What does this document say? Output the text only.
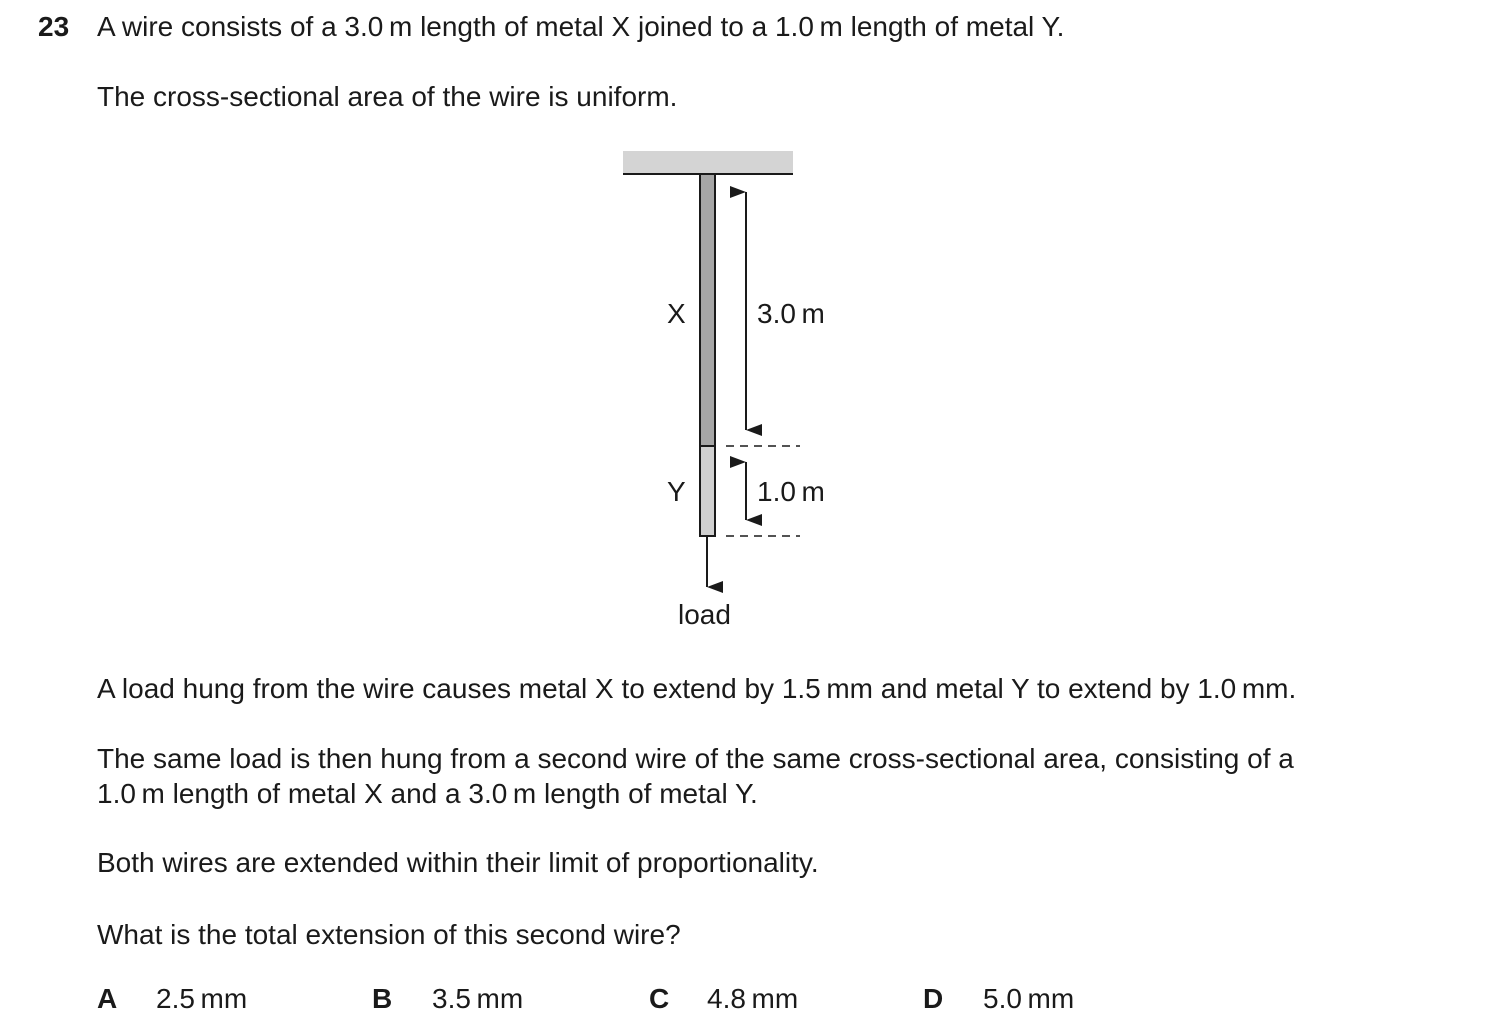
23 A wire consists of a 3.0 m length of metal X joined to a 1.0 m length of metal Y.
The cross-sectional area of the wire is uniform.
X
Y
3.0 m
1.0 m
load
A load hung from the wire causes metal X to extend by 1.5 mm and metal Y to extend by 1.0 mm.
The same load is then hung from a second wire of the same cross-sectional area, consisting of a
1.0 m length of metal X and a 3.0 m length of metal Y.
Both wires are extended within their limit of proportionality.
What is the total extension of this second wire?
A 2.5 mm	B 3.5 mm	C 4.8 mm	D 5.0 mm
